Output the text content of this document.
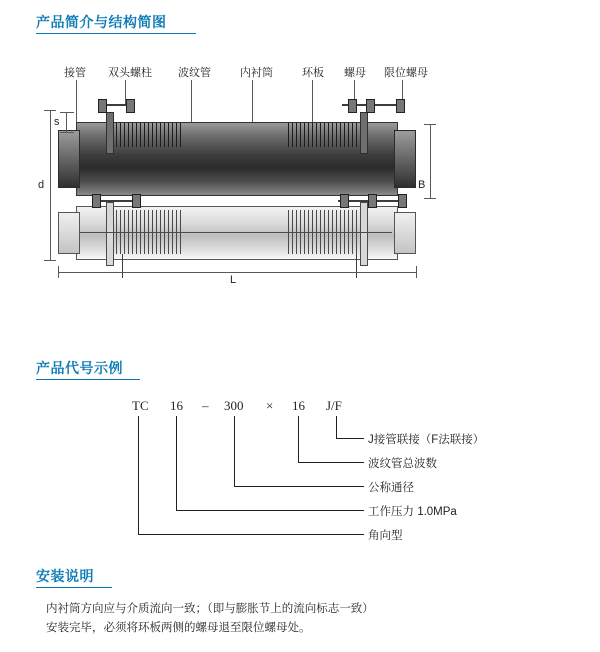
产品简介与结构简图
接管 双头螺柱 波纹管	内衬筒	环板 螺母 限位螺母
s
d	B
L
产品代号示例
TC 16 – 300 × 16 J/F
J接管联接（F法联接）
波纹管总波数
公称通径
工作压力 1.0MPa
角向型
安装说明
内衬筒方向应与介质流向一致；（即与膨胀节上的流向标志一致）
安装完毕，必须将环板两侧的螺母退至限位螺母处。
